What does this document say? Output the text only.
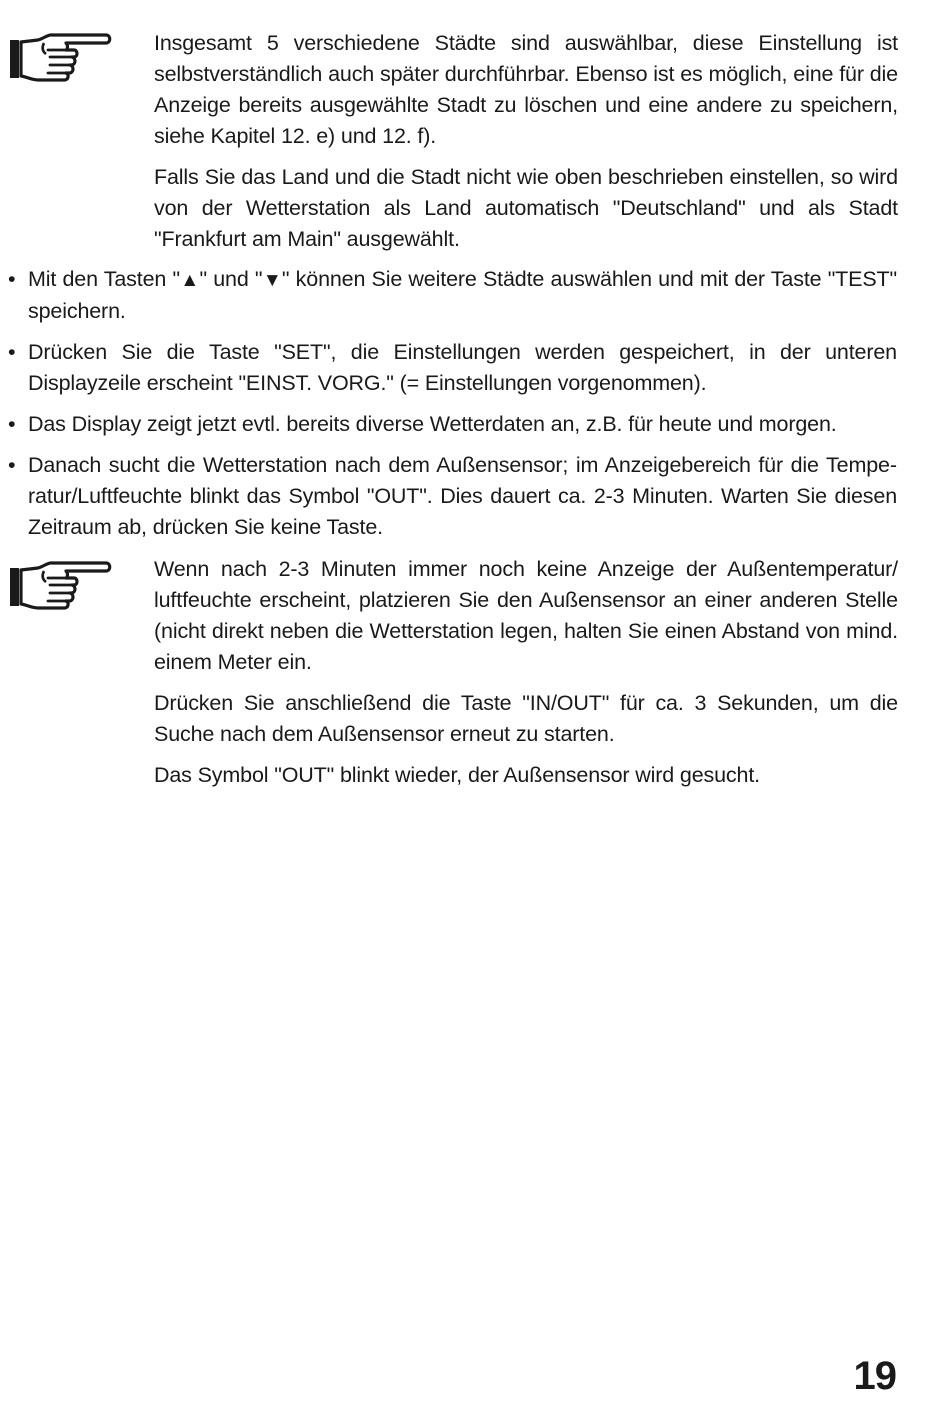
Insgesamt 5 verschiedene Städte sind auswählbar, diese Einstellung ist selbstverständlich auch später durchführbar. Ebenso ist es möglich, eine für die Anzeige bereits ausgewählte Stadt zu löschen und eine andere zu speichern, siehe Kapitel 12. e) und 12. f).

Falls Sie das Land und die Stadt nicht wie oben beschrieben einstellen, so wird von der Wetterstation als Land automatisch "Deutschland" und als Stadt "Frankfurt am Main" ausgewählt.

• Mit den Tasten "▲" und "▼" können Sie weitere Städte auswählen und mit der Taste "TEST" speichern.
• Drücken Sie die Taste "SET", die Einstellungen werden gespeichert, in der unteren Displayzeile erscheint "EINST. VORG." (= Einstellungen vorgenommen).
• Das Display zeigt jetzt evtl. bereits diverse Wetterdaten an, z.B. für heute und morgen.
• Danach sucht die Wetterstation nach dem Außensensor; im Anzeigebereich für die Temperatur/Luftfeuchte blinkt das Symbol "OUT". Dies dauert ca. 2-3 Minuten. Warten Sie diesen Zeitraum ab, drücken Sie keine Taste.

Wenn nach 2-3 Minuten immer noch keine Anzeige der Außentemperatur/​luftfeuchte erscheint, platzieren Sie den Außensensor an einer anderen Stelle (nicht direkt neben die Wetterstation legen, halten Sie einen Abstand von mind. einem Meter ein.

Drücken Sie anschließend die Taste "IN/OUT" für ca. 3 Sekunden, um die Suche nach dem Außensensor erneut zu starten.

Das Symbol "OUT" blinkt wieder, der Außensensor wird gesucht.

19
